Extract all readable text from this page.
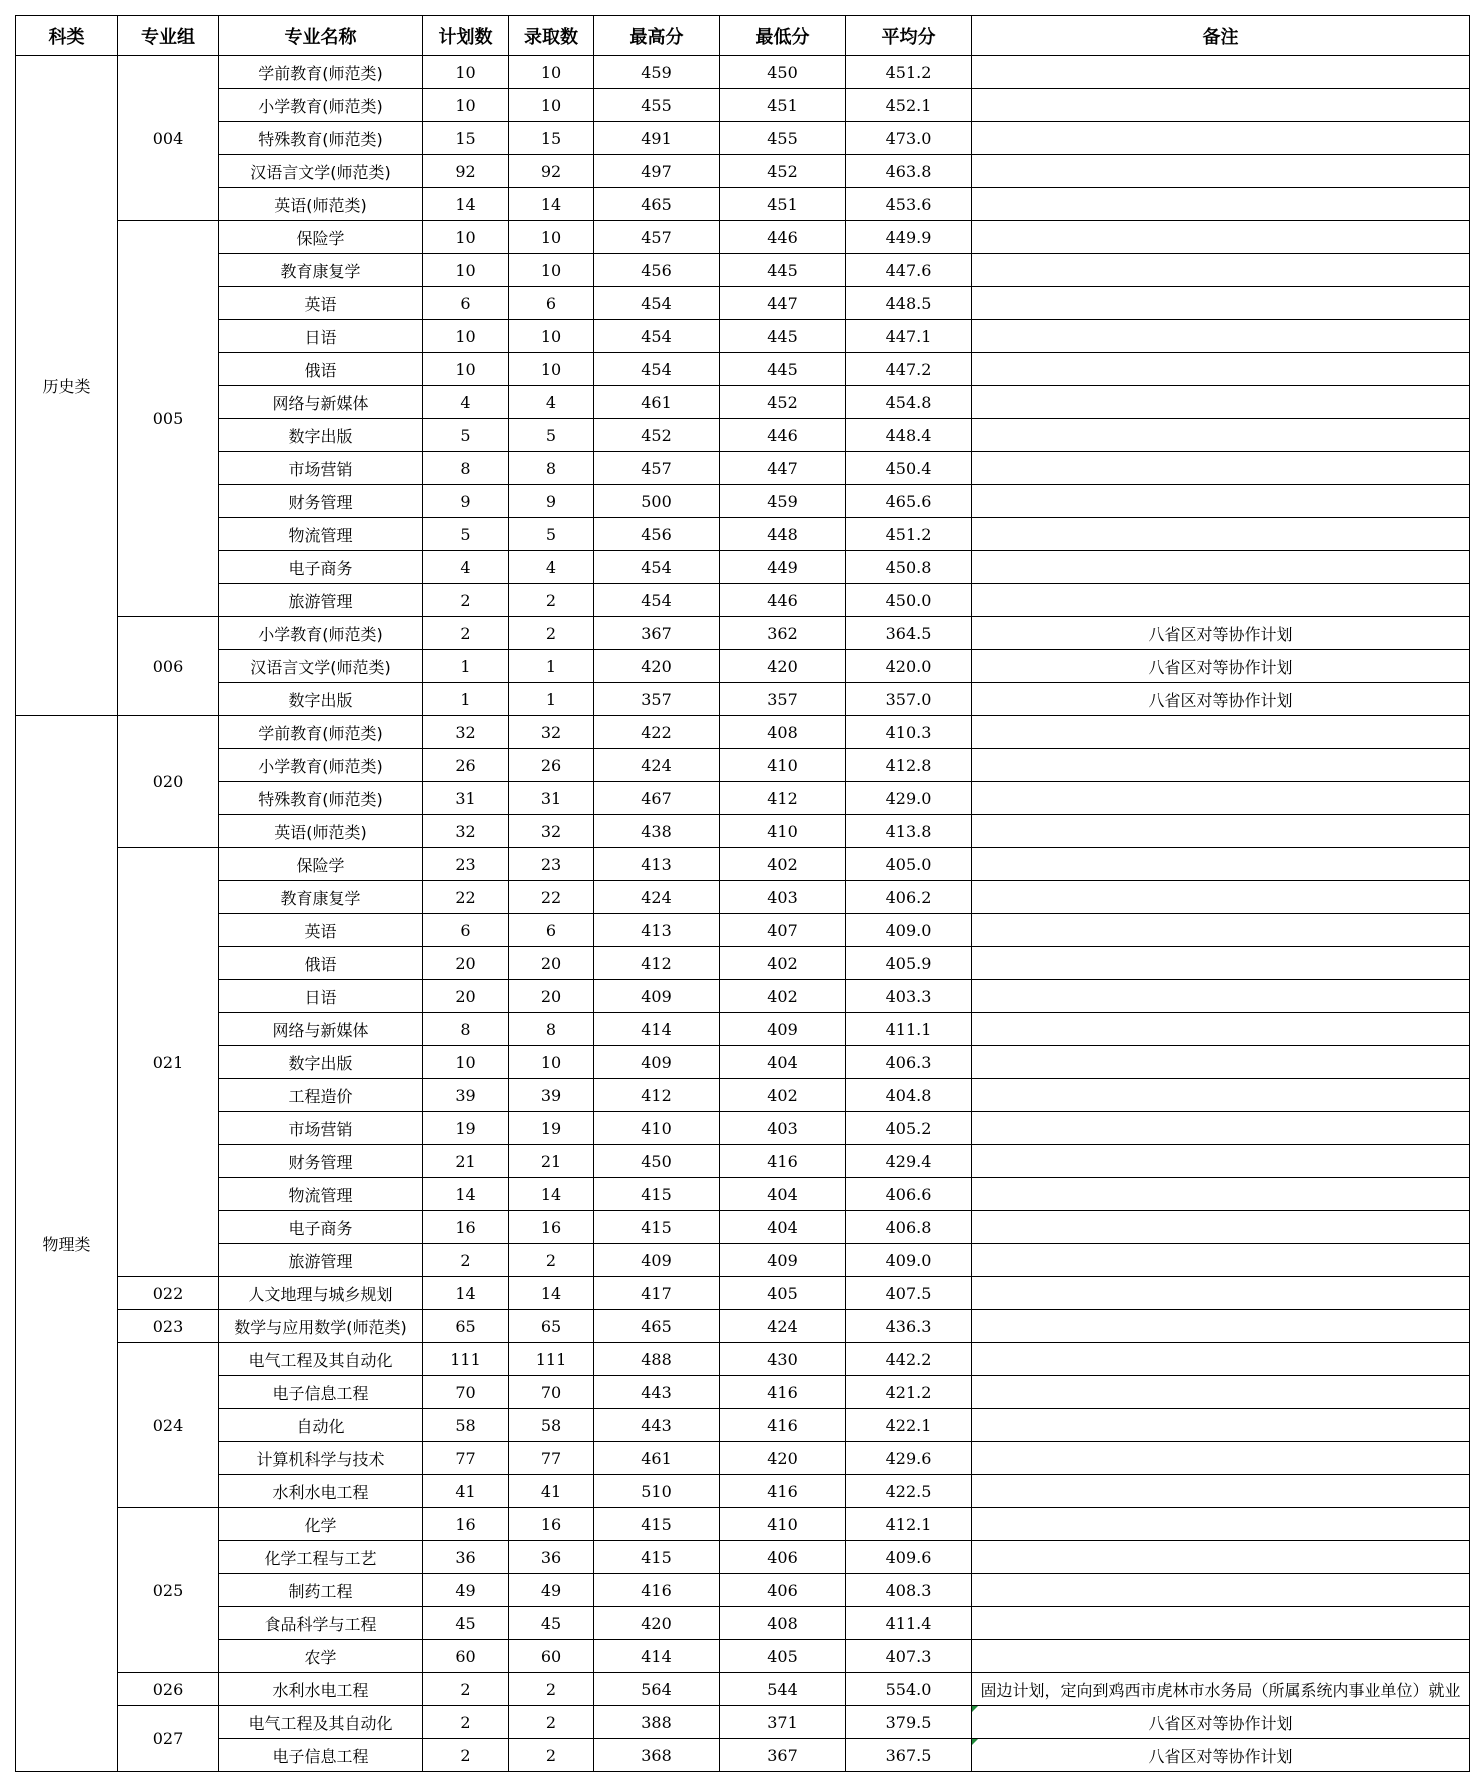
科类	专业组	专业名称	计划数	录取数	最高分	最低分	平均分	备注
历史类	004	学前教育(师范类)	10	10	459	450	451.2	
		小学教育(师范类)	10	10	455	451	452.1	
		特殊教育(师范类)	15	15	491	455	473.0	
		汉语言文学(师范类)	92	92	497	452	463.8	
		英语(师范类)	14	14	465	451	453.6	
	005	保险学	10	10	457	446	449.9	
		教育康复学	10	10	456	445	447.6	
		英语	6	6	454	447	448.5	
		日语	10	10	454	445	447.1	
		俄语	10	10	454	445	447.2	
		网络与新媒体	4	4	461	452	454.8	
		数字出版	5	5	452	446	448.4	
		市场营销	8	8	457	447	450.4	
		财务管理	9	9	500	459	465.6	
		物流管理	5	5	456	448	451.2	
		电子商务	4	4	454	449	450.8	
		旅游管理	2	2	454	446	450.0	
	006	小学教育(师范类)	2	2	367	362	364.5	八省区对等协作计划
		汉语言文学(师范类)	1	1	420	420	420.0	八省区对等协作计划
		数字出版	1	1	357	357	357.0	八省区对等协作计划
物理类	020	学前教育(师范类)	32	32	422	408	410.3	
		小学教育(师范类)	26	26	424	410	412.8	
		特殊教育(师范类)	31	31	467	412	429.0	
		英语(师范类)	32	32	438	410	413.8	
	021	保险学	23	23	413	402	405.0	
		教育康复学	22	22	424	403	406.2	
		英语	6	6	413	407	409.0	
		俄语	20	20	412	402	405.9	
		日语	20	20	409	402	403.3	
		网络与新媒体	8	8	414	409	411.1	
		数字出版	10	10	409	404	406.3	
		工程造价	39	39	412	402	404.8	
		市场营销	19	19	410	403	405.2	
		财务管理	21	21	450	416	429.4	
		物流管理	14	14	415	404	406.6	
		电子商务	16	16	415	404	406.8	
		旅游管理	2	2	409	409	409.0	
	022	人文地理与城乡规划	14	14	417	405	407.5	
	023	数学与应用数学(师范类)	65	65	465	424	436.3	
	024	电气工程及其自动化	111	111	488	430	442.2	
		电子信息工程	70	70	443	416	421.2	
		自动化	58	58	443	416	422.1	
		计算机科学与技术	77	77	461	420	429.6	
		水利水电工程	41	41	510	416	422.5	
	025	化学	16	16	415	410	412.1	
		化学工程与工艺	36	36	415	406	409.6	
		制药工程	49	49	416	406	408.3	
		食品科学与工程	45	45	420	408	411.4	
		农学	60	60	414	405	407.3	
	026	水利水电工程	2	2	564	544	554.0	固边计划，定向到鸡西市虎林市水务局（所属系统内事业单位）就业
	027	电气工程及其自动化	2	2	388	371	379.5	八省区对等协作计划
		电子信息工程	2	2	368	367	367.5	八省区对等协作计划
